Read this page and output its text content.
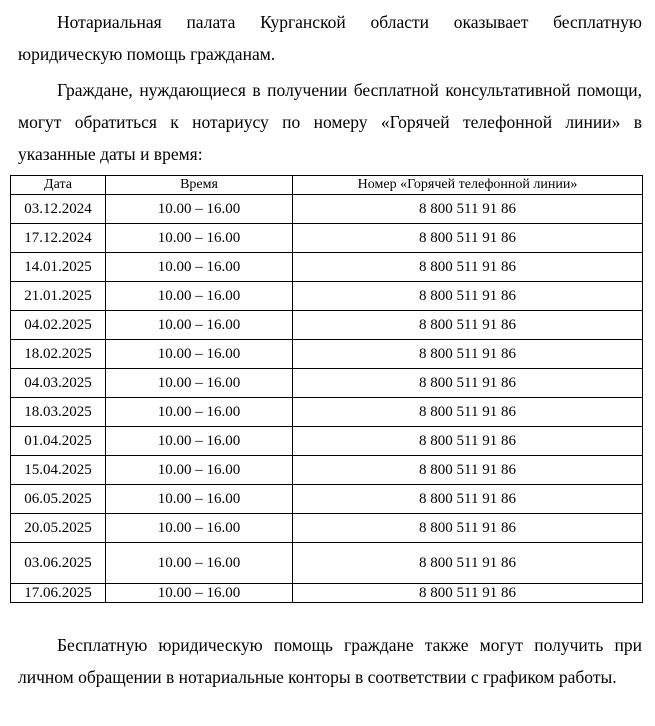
Нотариальная палата Курганской области оказывает бесплатную юридическую помощь гражданам.

Граждане, нуждающиеся в получении бесплатной консультативной помощи, могут обратиться к нотариусу по номеру «Горячей телефонной линии» в указанные даты и время:

Дата	Время	Номер «Горячей телефонной линии»
03.12.2024	10.00 – 16.00	8 800 511 91 86
17.12.2024	10.00 – 16.00	8 800 511 91 86
14.01.2025	10.00 – 16.00	8 800 511 91 86
21.01.2025	10.00 – 16.00	8 800 511 91 86
04.02.2025	10.00 – 16.00	8 800 511 91 86
18.02.2025	10.00 – 16.00	8 800 511 91 86
04.03.2025	10.00 – 16.00	8 800 511 91 86
18.03.2025	10.00 – 16.00	8 800 511 91 86
01.04.2025	10.00 – 16.00	8 800 511 91 86
15.04.2025	10.00 – 16.00	8 800 511 91 86
06.05.2025	10.00 – 16.00	8 800 511 91 86
20.05.2025	10.00 – 16.00	8 800 511 91 86
03.06.2025	10.00 – 16.00	8 800 511 91 86
17.06.2025	10.00 – 16.00	8 800 511 91 86

Бесплатную юридическую помощь граждане также могут получить при личном обращении в нотариальные конторы в соответствии с графиком работы.
